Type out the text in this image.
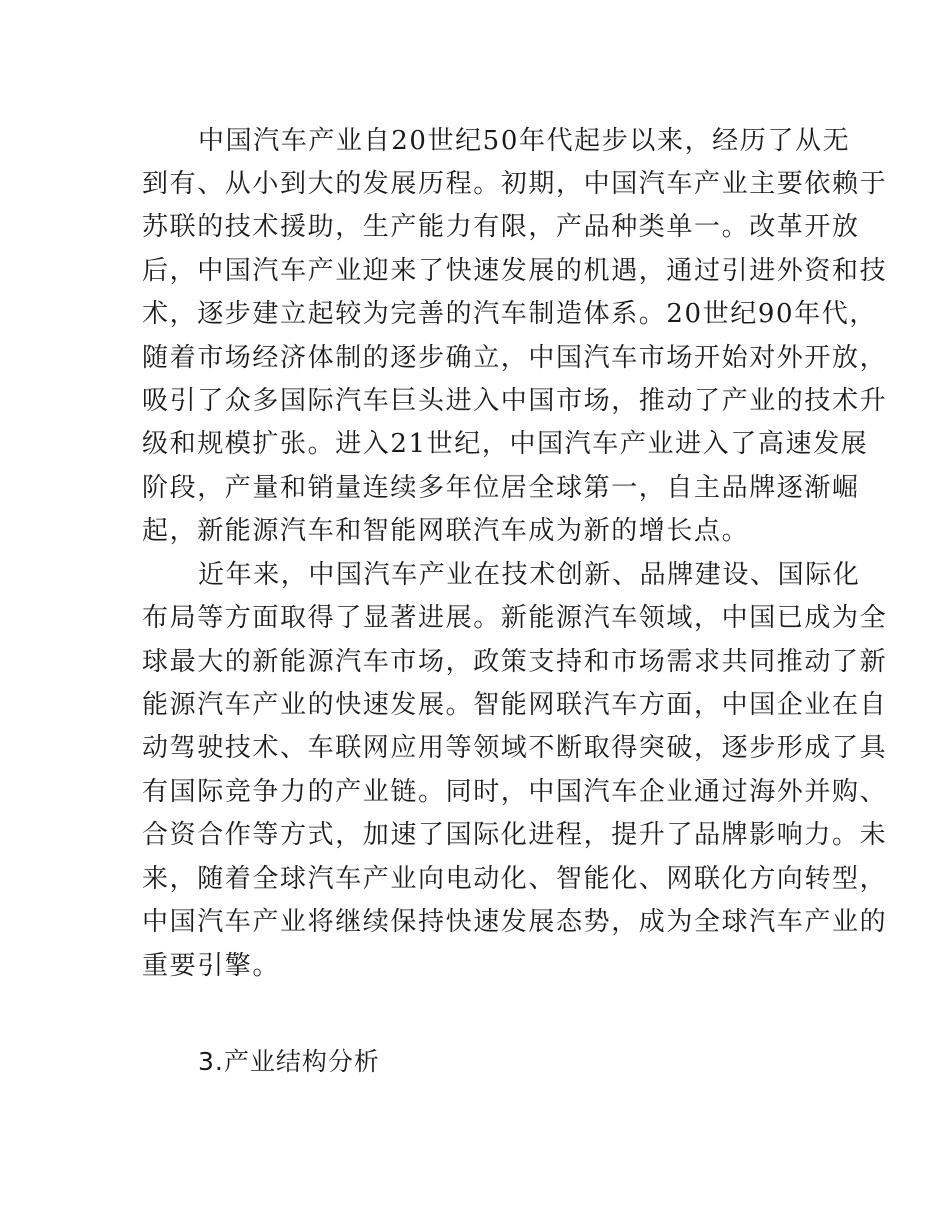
中国汽车产业自20世纪50年代起步以来，经历了从无
到有、从小到大的发展历程。初期，中国汽车产业主要依赖于
苏联的技术援助，生产能力有限，产品种类单一。改革开放
后，中国汽车产业迎来了快速发展的机遇，通过引进外资和技
术，逐步建立起较为完善的汽车制造体系。20世纪90年代，
随着市场经济体制的逐步确立，中国汽车市场开始对外开放，
吸引了众多国际汽车巨头进入中国市场，推动了产业的技术升
级和规模扩张。进入21世纪，中国汽车产业进入了高速发展
阶段，产量和销量连续多年位居全球第一，自主品牌逐渐崛
起，新能源汽车和智能网联汽车成为新的增长点。
近年来，中国汽车产业在技术创新、品牌建设、国际化
布局等方面取得了显著进展。新能源汽车领域，中国已成为全
球最大的新能源汽车市场，政策支持和市场需求共同推动了新
能源汽车产业的快速发展。智能网联汽车方面，中国企业在自
动驾驶技术、车联网应用等领域不断取得突破，逐步形成了具
有国际竞争力的产业链。同时，中国汽车企业通过海外并购、
合资合作等方式，加速了国际化进程，提升了品牌影响力。未
来，随着全球汽车产业向电动化、智能化、网联化方向转型，
中国汽车产业将继续保持快速发展态势，成为全球汽车产业的
重要引擎。
3.产业结构分析
